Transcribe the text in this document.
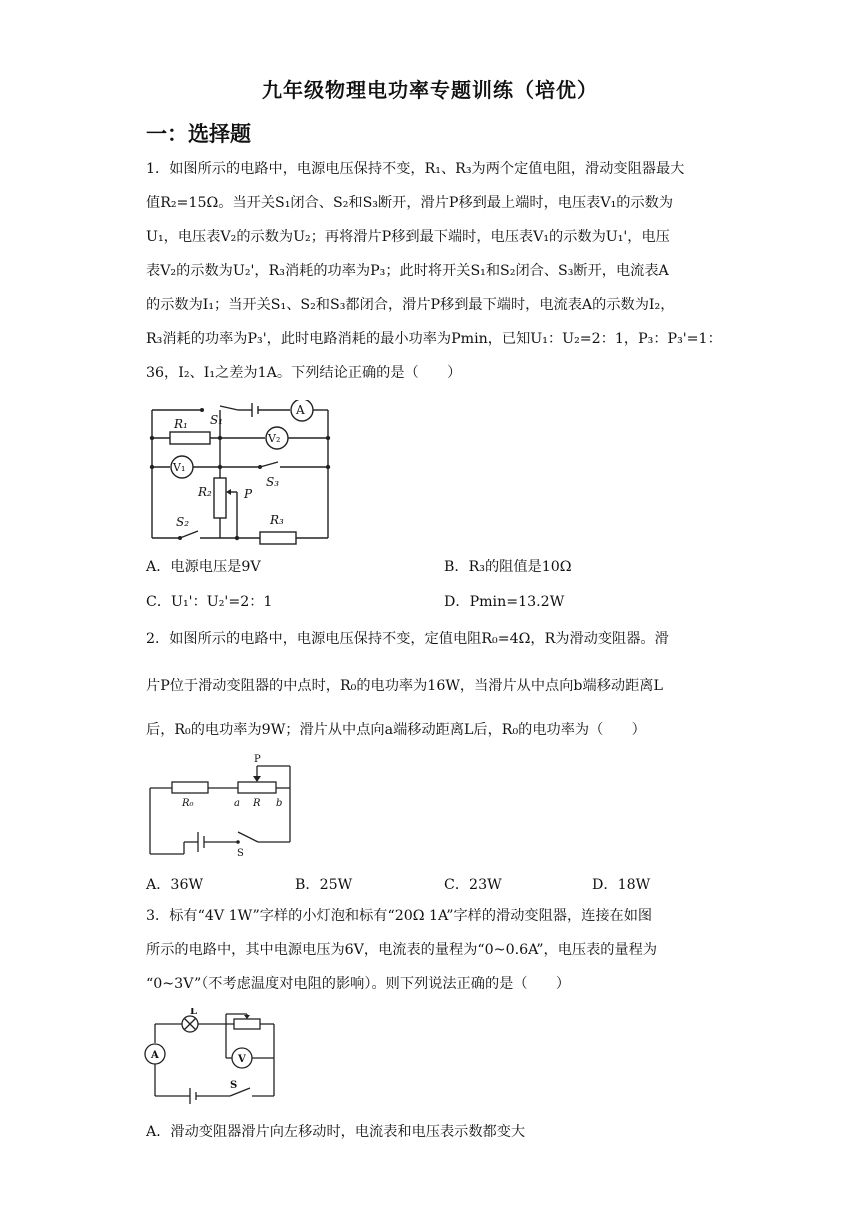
九年级物理电功率专题训练（培优）
一：选择题
1．如图所示的电路中，电源电压保持不变，R₁、R₃为两个定值电阻，滑动变阻器最大
值R₂=15Ω。当开关S₁闭合、S₂和S₃断开，滑片P移到最上端时，电压表V₁的示数为
U₁，电压表V₂的示数为U₂；再将滑片P移到最下端时，电压表V₁的示数为U₁'，电压
表V₂的示数为U₂'，R₃消耗的功率为P₃；此时将开关S₁和S₂闭合、S₃断开，电流表A
的示数为I₁；当开关S₁、S₂和S₃都闭合，滑片P移到最下端时，电流表A的示数为I₂，
R₃消耗的功率为P₃'，此时电路消耗的最小功率为Pmin，已知U₁：U₂=2：1，P₃：P₃'=1：
36，I₂、I₁之差为1A。下列结论正确的是（　　）
R₁ S₁
A
V₂
V₁
S₃
R₂	P
S₂	R₃
A．电源电压是9V	B．R₃的阻值是10Ω
C．U₁'：U₂'=2：1	D．Pmin=13.2W
2．如图所示的电路中，电源电压保持不变，定值电阻R₀=4Ω，R为滑动变阻器。滑
片P位于滑动变阻器的中点时，R₀的电功率为16W，当滑片从中点向b端移动距离L
后，R₀的电功率为9W；滑片从中点向a端移动距离L后，R₀的电功率为（　　）
P
R₀	a R b
S
A．36W	B．25W	C．23W	D．18W
3．标有“4V 1W”字样的小灯泡和标有“20Ω 1A”字样的滑动变阻器，连接在如图
所示的电路中，其中电源电压为6V，电流表的量程为“0~0.6A”，电压表的量程为
“0~3V”（不考虑温度对电阻的影响）。则下列说法正确的是（　　）
A
L
V
S
A．滑动变阻器滑片向左移动时，电流表和电压表示数都变大
